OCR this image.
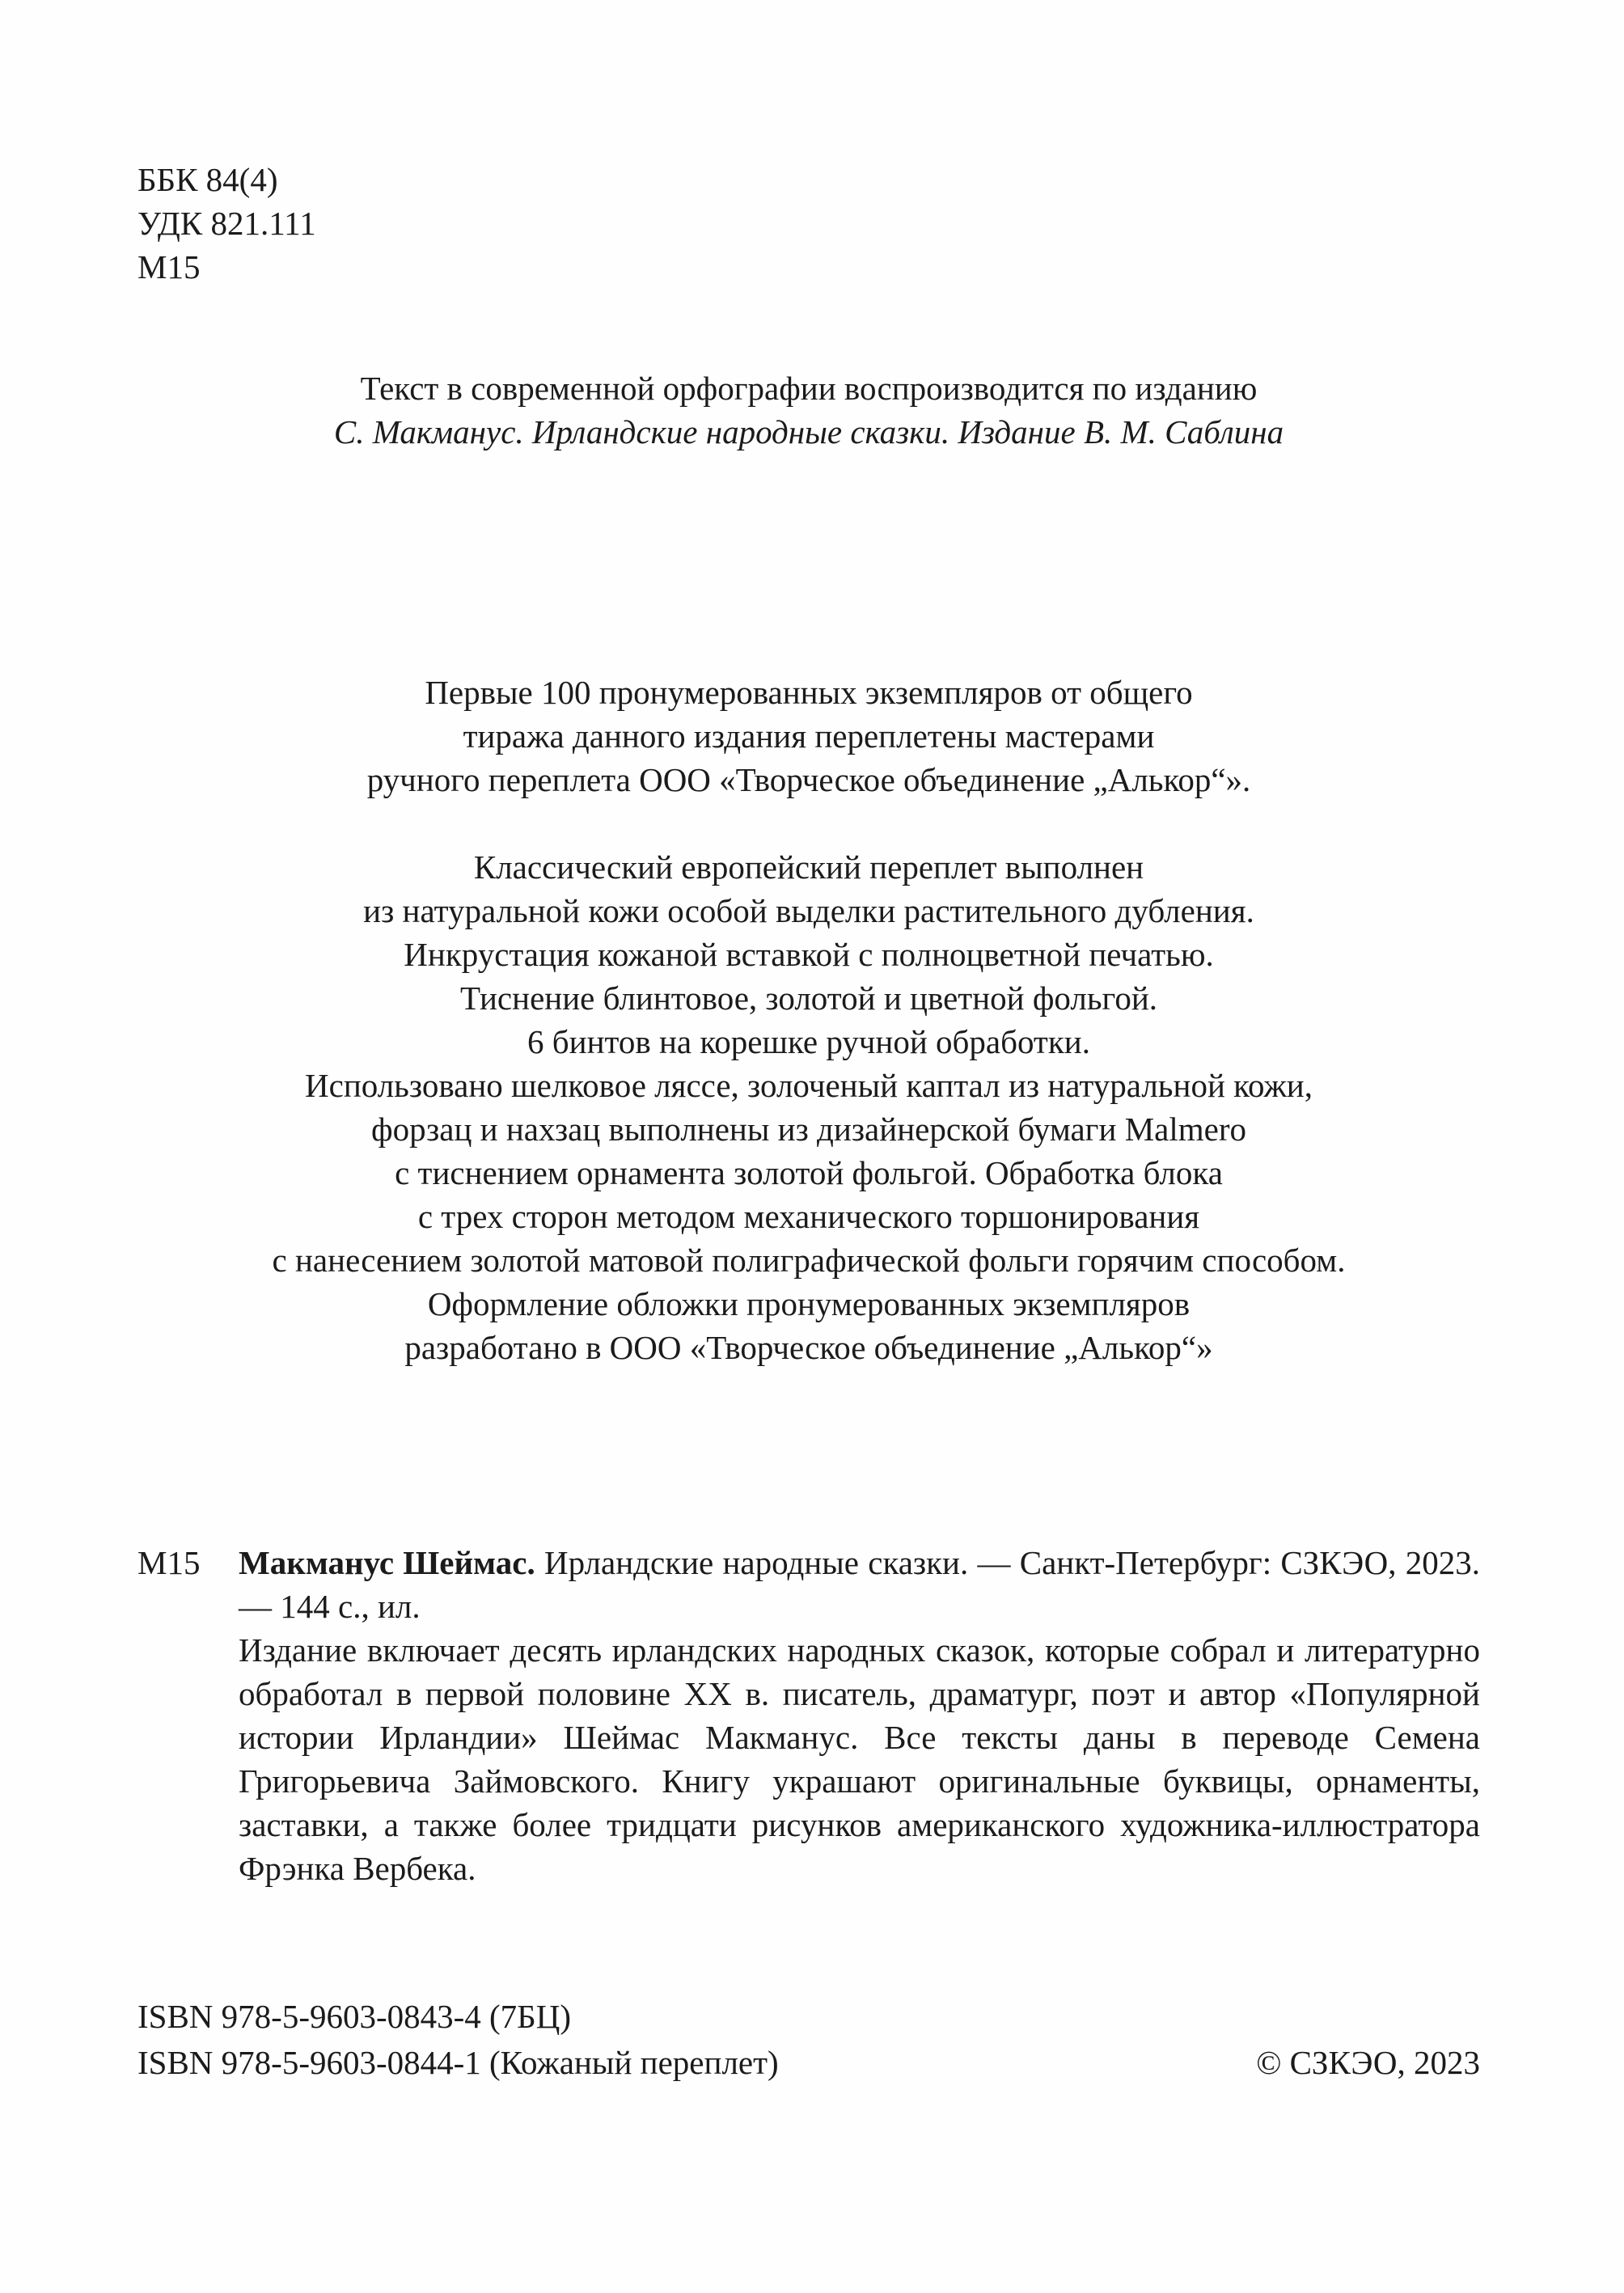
ББК 84(4)
УДК 821.111
М15
Текст в современной орфографии воспроизводится по изданию
С. Макманус. Ирландские народные сказки. Издание В. М. Саблина
Первые 100 пронумерованных экземпляров от общего
тиража данного издания переплетены мастерами
ручного переплета ООО «Творческое объединение „Алькор“».
Классический европейский переплет выполнен
из натуральной кожи особой выделки растительного дубления.
Инкрустация кожаной вставкой с полноцветной печатью.
Тиснение блинтовое, золотой и цветной фольгой.
6 бинтов на корешке ручной обработки.
Использовано шелковое ляссе, золоченый каптал из натуральной кожи,
форзац и нахзац выполнены из дизайнерской бумаги Malmero
с тиснением орнамента золотой фольгой. Обработка блока
с трех сторон методом механического торшонирования
с нанесением золотой матовой полиграфической фольги горячим способом.
Оформление обложки пронумерованных экземпляров
разработано в ООО «Творческое объединение „Алькор“»
М15	Макманус Шеймас. Ирландские народные сказки. — Санкт-Петербург: СЗКЭО, 2023. — 144 с., ил.

Издание включает десять ирландских народных сказок, которые собрал и литературно обработал в первой половине XX в. писатель, драматург, поэт и автор «Популярной истории Ирландии» Шеймас Макманус. Все тексты даны в переводе Семена Григорьевича Займовского. Книгу украшают оригинальные буквицы, орнаменты, заставки, а также более тридцати рисунков американского художника-иллюстратора Фрэнка Вербека.

ISBN 978-5-9603-0843-4 (7БЦ)
ISBN 978-5-9603-0844-1 (Кожаный переплет)	© СЗКЭО, 2023
